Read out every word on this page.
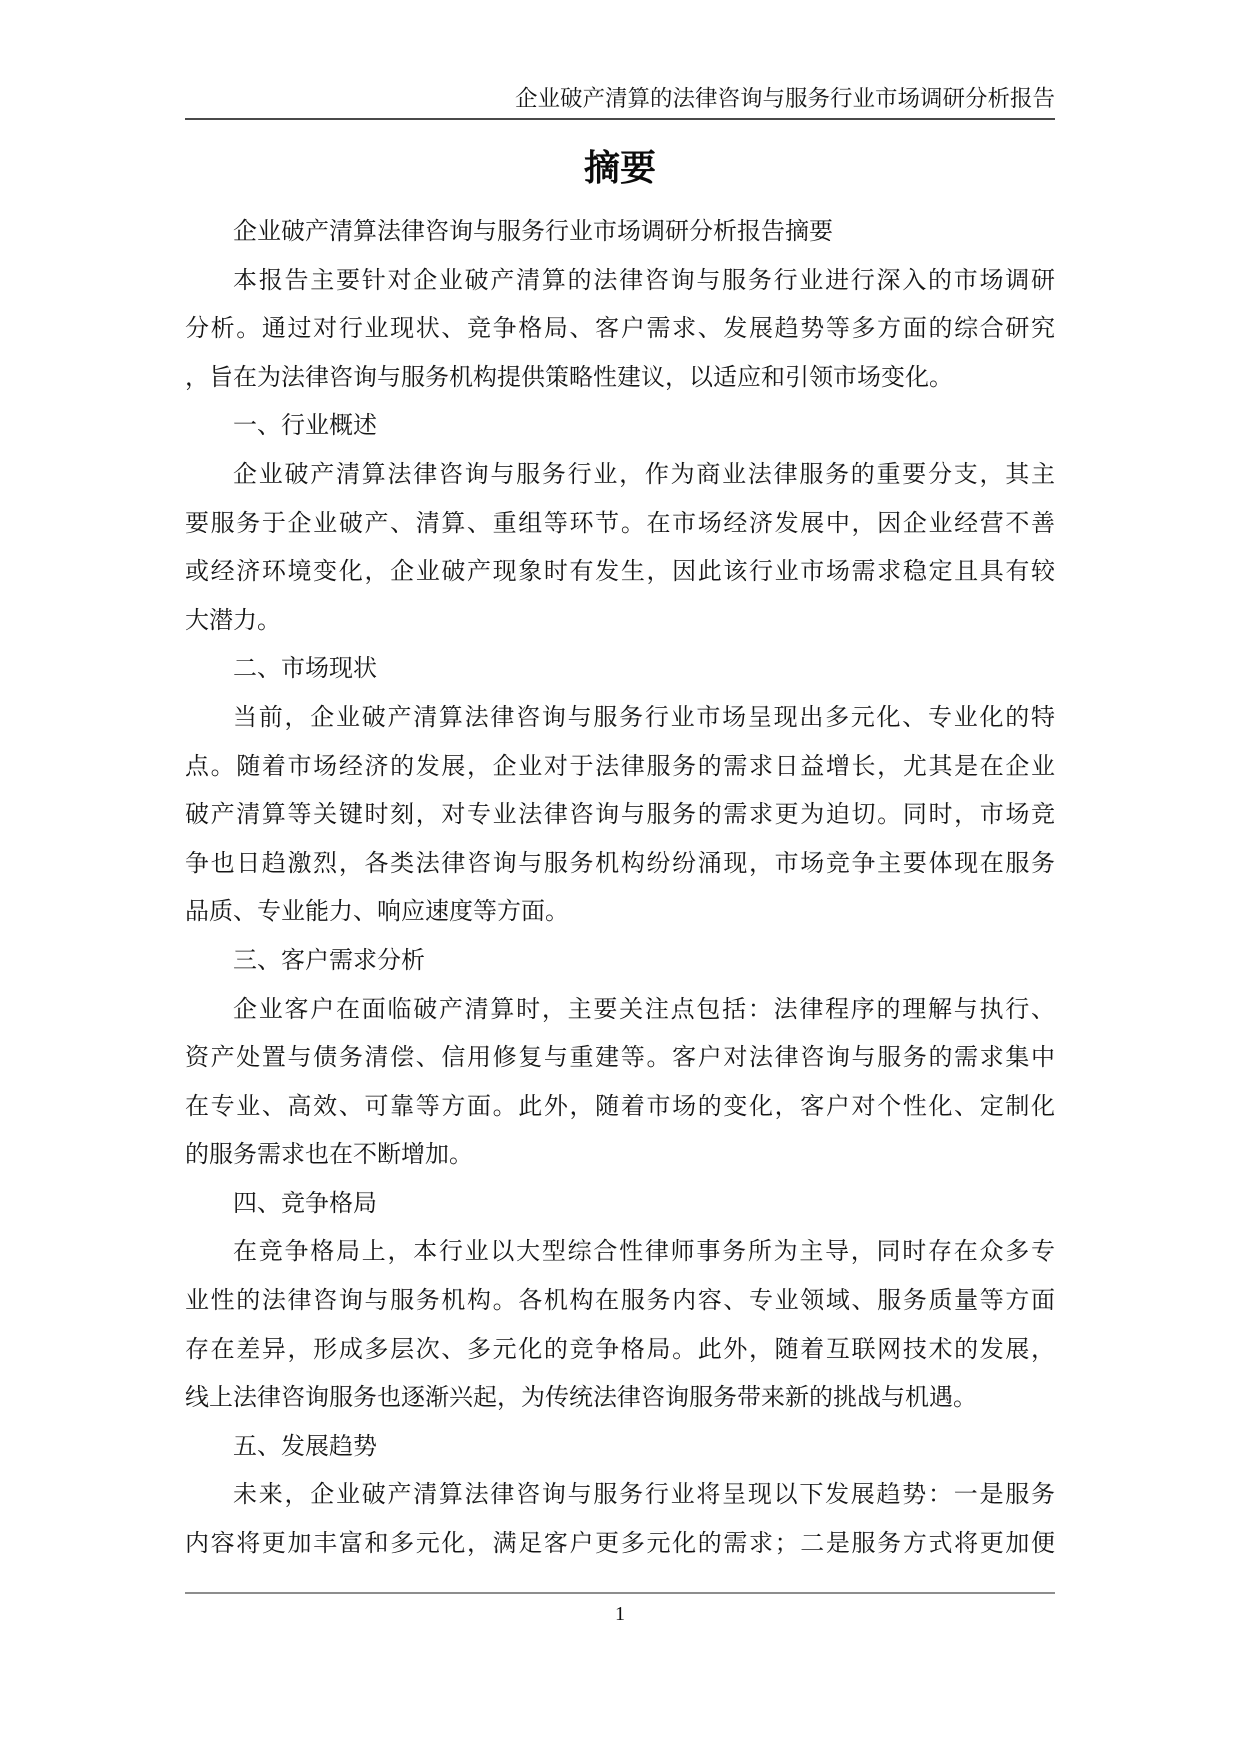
企业破产清算的法律咨询与服务行业市场调研分析报告
摘要
企业破产清算法律咨询与服务行业市场调研分析报告摘要
本报告主要针对企业破产清算的法律咨询与服务行业进行深入的市场调研
分析。通过对行业现状、竞争格局、客户需求、发展趋势等多方面的综合研究
，旨在为法律咨询与服务机构提供策略性建议，以适应和引领市场变化。
一、行业概述
企业破产清算法律咨询与服务行业，作为商业法律服务的重要分支，其主
要服务于企业破产、清算、重组等环节。在市场经济发展中，因企业经营不善
或经济环境变化，企业破产现象时有发生，因此该行业市场需求稳定且具有较
大潜力。
二、市场现状
当前，企业破产清算法律咨询与服务行业市场呈现出多元化、专业化的特
点。随着市场经济的发展，企业对于法律服务的需求日益增长，尤其是在企业
破产清算等关键时刻，对专业法律咨询与服务的需求更为迫切。同时，市场竞
争也日趋激烈，各类法律咨询与服务机构纷纷涌现，市场竞争主要体现在服务
品质、专业能力、响应速度等方面。
三、客户需求分析
企业客户在面临破产清算时，主要关注点包括：法律程序的理解与执行、
资产处置与债务清偿、信用修复与重建等。客户对法律咨询与服务的需求集中
在专业、高效、可靠等方面。此外，随着市场的变化，客户对个性化、定制化
的服务需求也在不断增加。
四、竞争格局
在竞争格局上，本行业以大型综合性律师事务所为主导，同时存在众多专
业性的法律咨询与服务机构。各机构在服务内容、专业领域、服务质量等方面
存在差异，形成多层次、多元化的竞争格局。此外，随着互联网技术的发展，
线上法律咨询服务也逐渐兴起，为传统法律咨询服务带来新的挑战与机遇。
五、发展趋势
未来，企业破产清算法律咨询与服务行业将呈现以下发展趋势：一是服务
内容将更加丰富和多元化，满足客户更多元化的需求；二是服务方式将更加便
1
